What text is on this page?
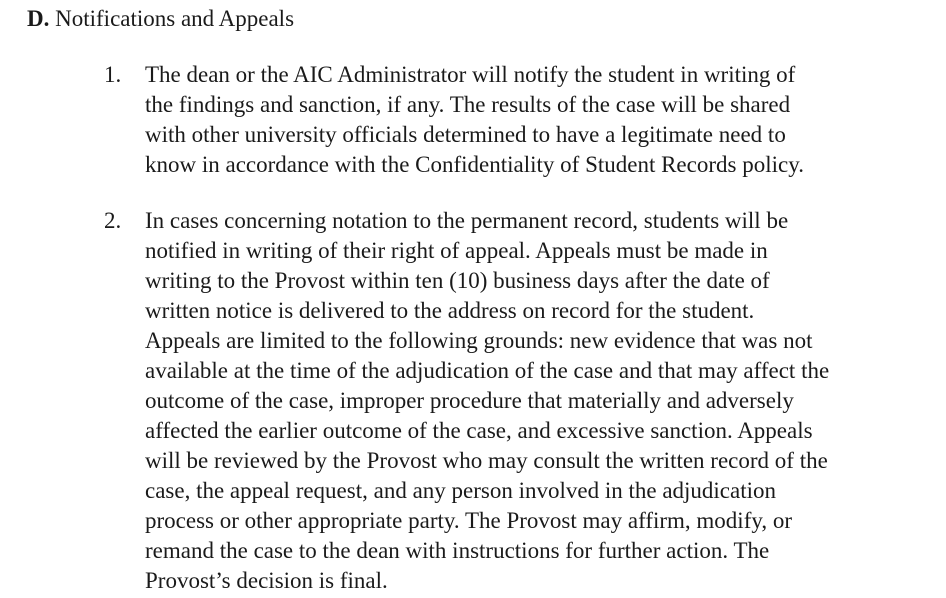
D. Notifications and Appeals
1. The dean or the AIC Administrator will notify the student in writing of
the findings and sanction, if any. The results of the case will be shared
with other university officials determined to have a legitimate need to
know in accordance with the Confidentiality of Student Records policy.
2. In cases concerning notation to the permanent record, students will be
notified in writing of their right of appeal. Appeals must be made in
writing to the Provost within ten (10) business days after the date of
written notice is delivered to the address on record for the student.
Appeals are limited to the following grounds: new evidence that was not
available at the time of the adjudication of the case and that may affect the
outcome of the case, improper procedure that materially and adversely
affected the earlier outcome of the case, and excessive sanction. Appeals
will be reviewed by the Provost who may consult the written record of the
case, the appeal request, and any person involved in the adjudication
process or other appropriate party. The Provost may affirm, modify, or
remand the case to the dean with instructions for further action. The
Provost’s decision is final.
